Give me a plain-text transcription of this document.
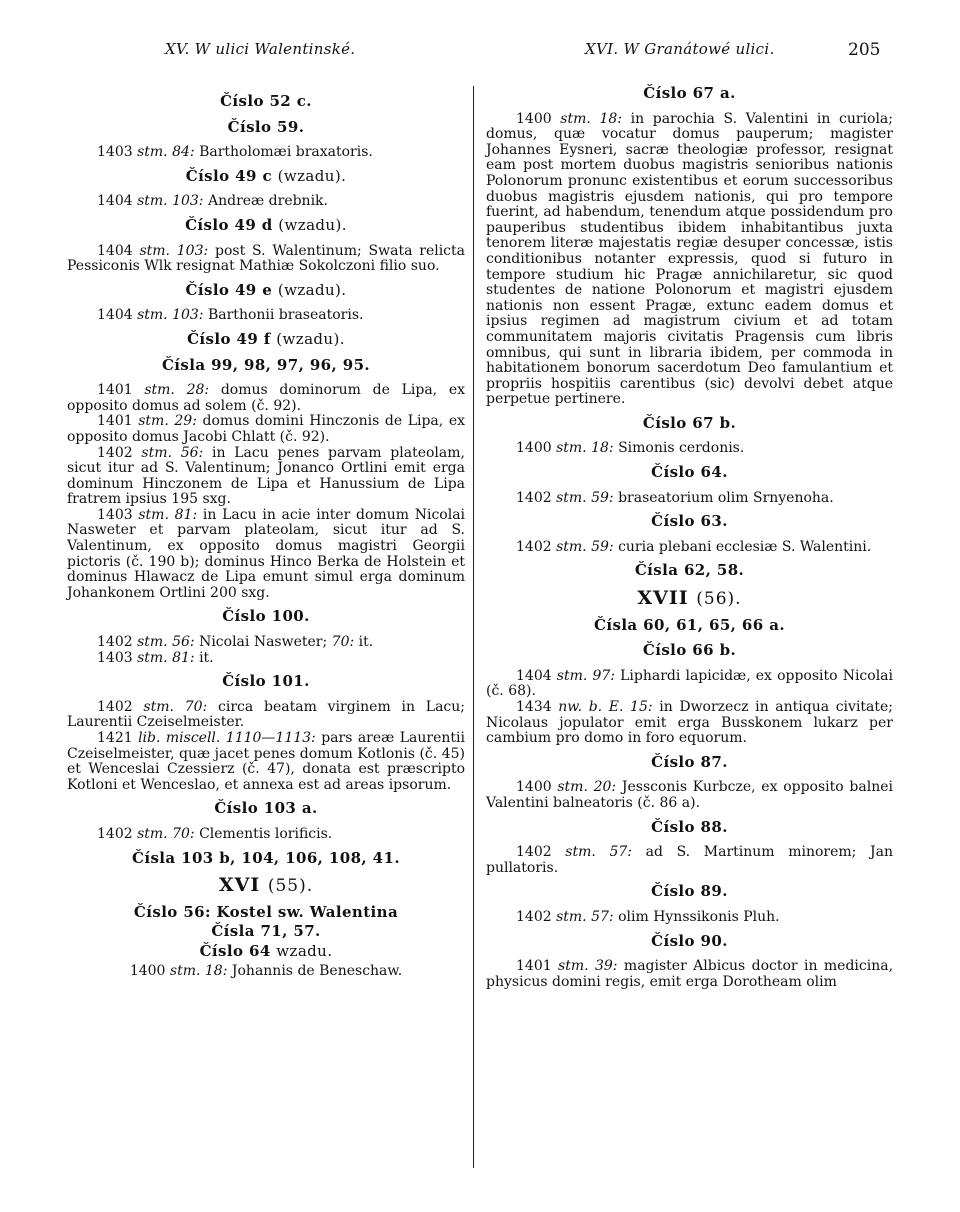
XV. W ulici Walentinské.	XVI. W Granátowé ulici.	205
Číslo 52 c.
Číslo 59.

1403 stm. 84: Bartholomæi braxatoris.

Číslo 49 c (wzadu).

1404 stm. 103: Andreæ drebnik.

Číslo 49 d (wzadu).

1404 stm. 103: post S. Walentinum; Swata relicta Pessiconis Wlk resignat Mathiæ Sokolczoni filio suo.

Číslo 49 e (wzadu).

1404 stm. 103: Barthonii braseatoris.

Číslo 49 f (wzadu).
Čísla 99, 98, 97, 96, 95.

1401 stm. 28: domus dominorum de Lipa, ex opposito domus ad solem (č. 92).

1401 stm. 29: domus domini Hinczonis de Lipa, ex opposito domus Jacobi Chlatt (č. 92).

1402 stm. 56: in Lacu penes parvam plateolam, sicut itur ad S. Valentinum; Jonanco Ortlini emit erga dominum Hinczonem de Lipa et Hanussium de Lipa fratrem ipsius 195 sxg.

1403 stm. 81: in Lacu in acie inter domum Nicolai Nasweter et parvam plateolam, sicut itur ad S. Valentinum, ex opposito domus magistri Georgii pictoris (č. 190 b); dominus Hinco Berka de Holstein et dominus Hlawacz de Lipa emunt simul erga dominum Johankonem Ortlini 200 sxg.

Číslo 100.

1402 stm. 56: Nicolai Nasweter; 70: it.

1403 stm. 81: it.

Číslo 101.

1402 stm. 70: circa beatam virginem in Lacu; Laurentii Czeiselmeister.

1421 lib. miscell. 1110—1113: pars areæ Laurentii Czeiselmeister, quæ jacet penes domum Kotlonis (č. 45) et Wenceslai Czessierz (č. 47), donata est præscripto Kotloni et Wenceslao, et annexa est ad areas ipsorum.

Číslo 103 a.

1402 stm. 70: Clementis lorificis.

Čísla 103 b, 104, 106, 108, 41.
XVI (55).
Číslo 56: Kostel sw. Walentina
Čísla 71, 57.
Číslo 64 wzadu.

1400 stm. 18: Johannis de Beneschaw.

Číslo 67 a.

1400 stm. 18: in parochia S. Valentini in curiola; domus, quæ vocatur domus pauperum; magister Johannes Eysneri, sacræ theologiæ professor, resignat eam post mortem duobus magistris senioribus nationis Polonorum pronunc existentibus et eorum successoribus duobus magistris ejusdem nationis, qui pro tempore fuerint, ad habendum, tenendum atque possidendum pro pauperibus studentibus ibidem inhabitantibus juxta tenorem literæ majestatis regiæ desuper concessæ, istis conditionibus notanter expressis, quod si futuro in tempore studium hic Pragæ annichilaretur, sic quod studentes de natione Polonorum et magistri ejusdem nationis non essent Pragæ, extunc eadem domus et ipsius regimen ad magistrum civium et ad totam communitatem majoris civitatis Pragensis cum libris omnibus, qui sunt in libraria ibidem, per commoda in habitationem bonorum sacerdotum Deo famulantium et propriis hospitiis carentibus (sic) devolvi debet atque perpetue pertinere.

Číslo 67 b.

1400 stm. 18: Simonis cerdonis.

Číslo 64.

1402 stm. 59: braseatorium olim Srnyenoha.

Číslo 63.

1402 stm. 59: curia plebani ecclesiæ S. Walentini.

Čísla 62, 58.
XVII (56).
Čísla 60, 61, 65, 66 a.
Číslo 66 b.

1404 stm. 97: Liphardi lapicidæ, ex opposito Nicolai (č. 68).

1434 nw. b. E. 15: in Dworzecz in antiqua civitate; Nicolaus jopulator emit erga Busskonem lukarz per cambium pro domo in foro equorum.

Číslo 87.

1400 stm. 20: Jessconis Kurbcze, ex opposito balnei Valentini balneatoris (č. 86 a).

Číslo 88.

1402 stm. 57: ad S. Martinum minorem; Jan pullatoris.

Číslo 89.

1402 stm. 57: olim Hynssikonis Pluh.

Číslo 90.

1401 stm. 39: magister Albicus doctor in medicina, physicus domini regis, emit erga Dorotheam olim
